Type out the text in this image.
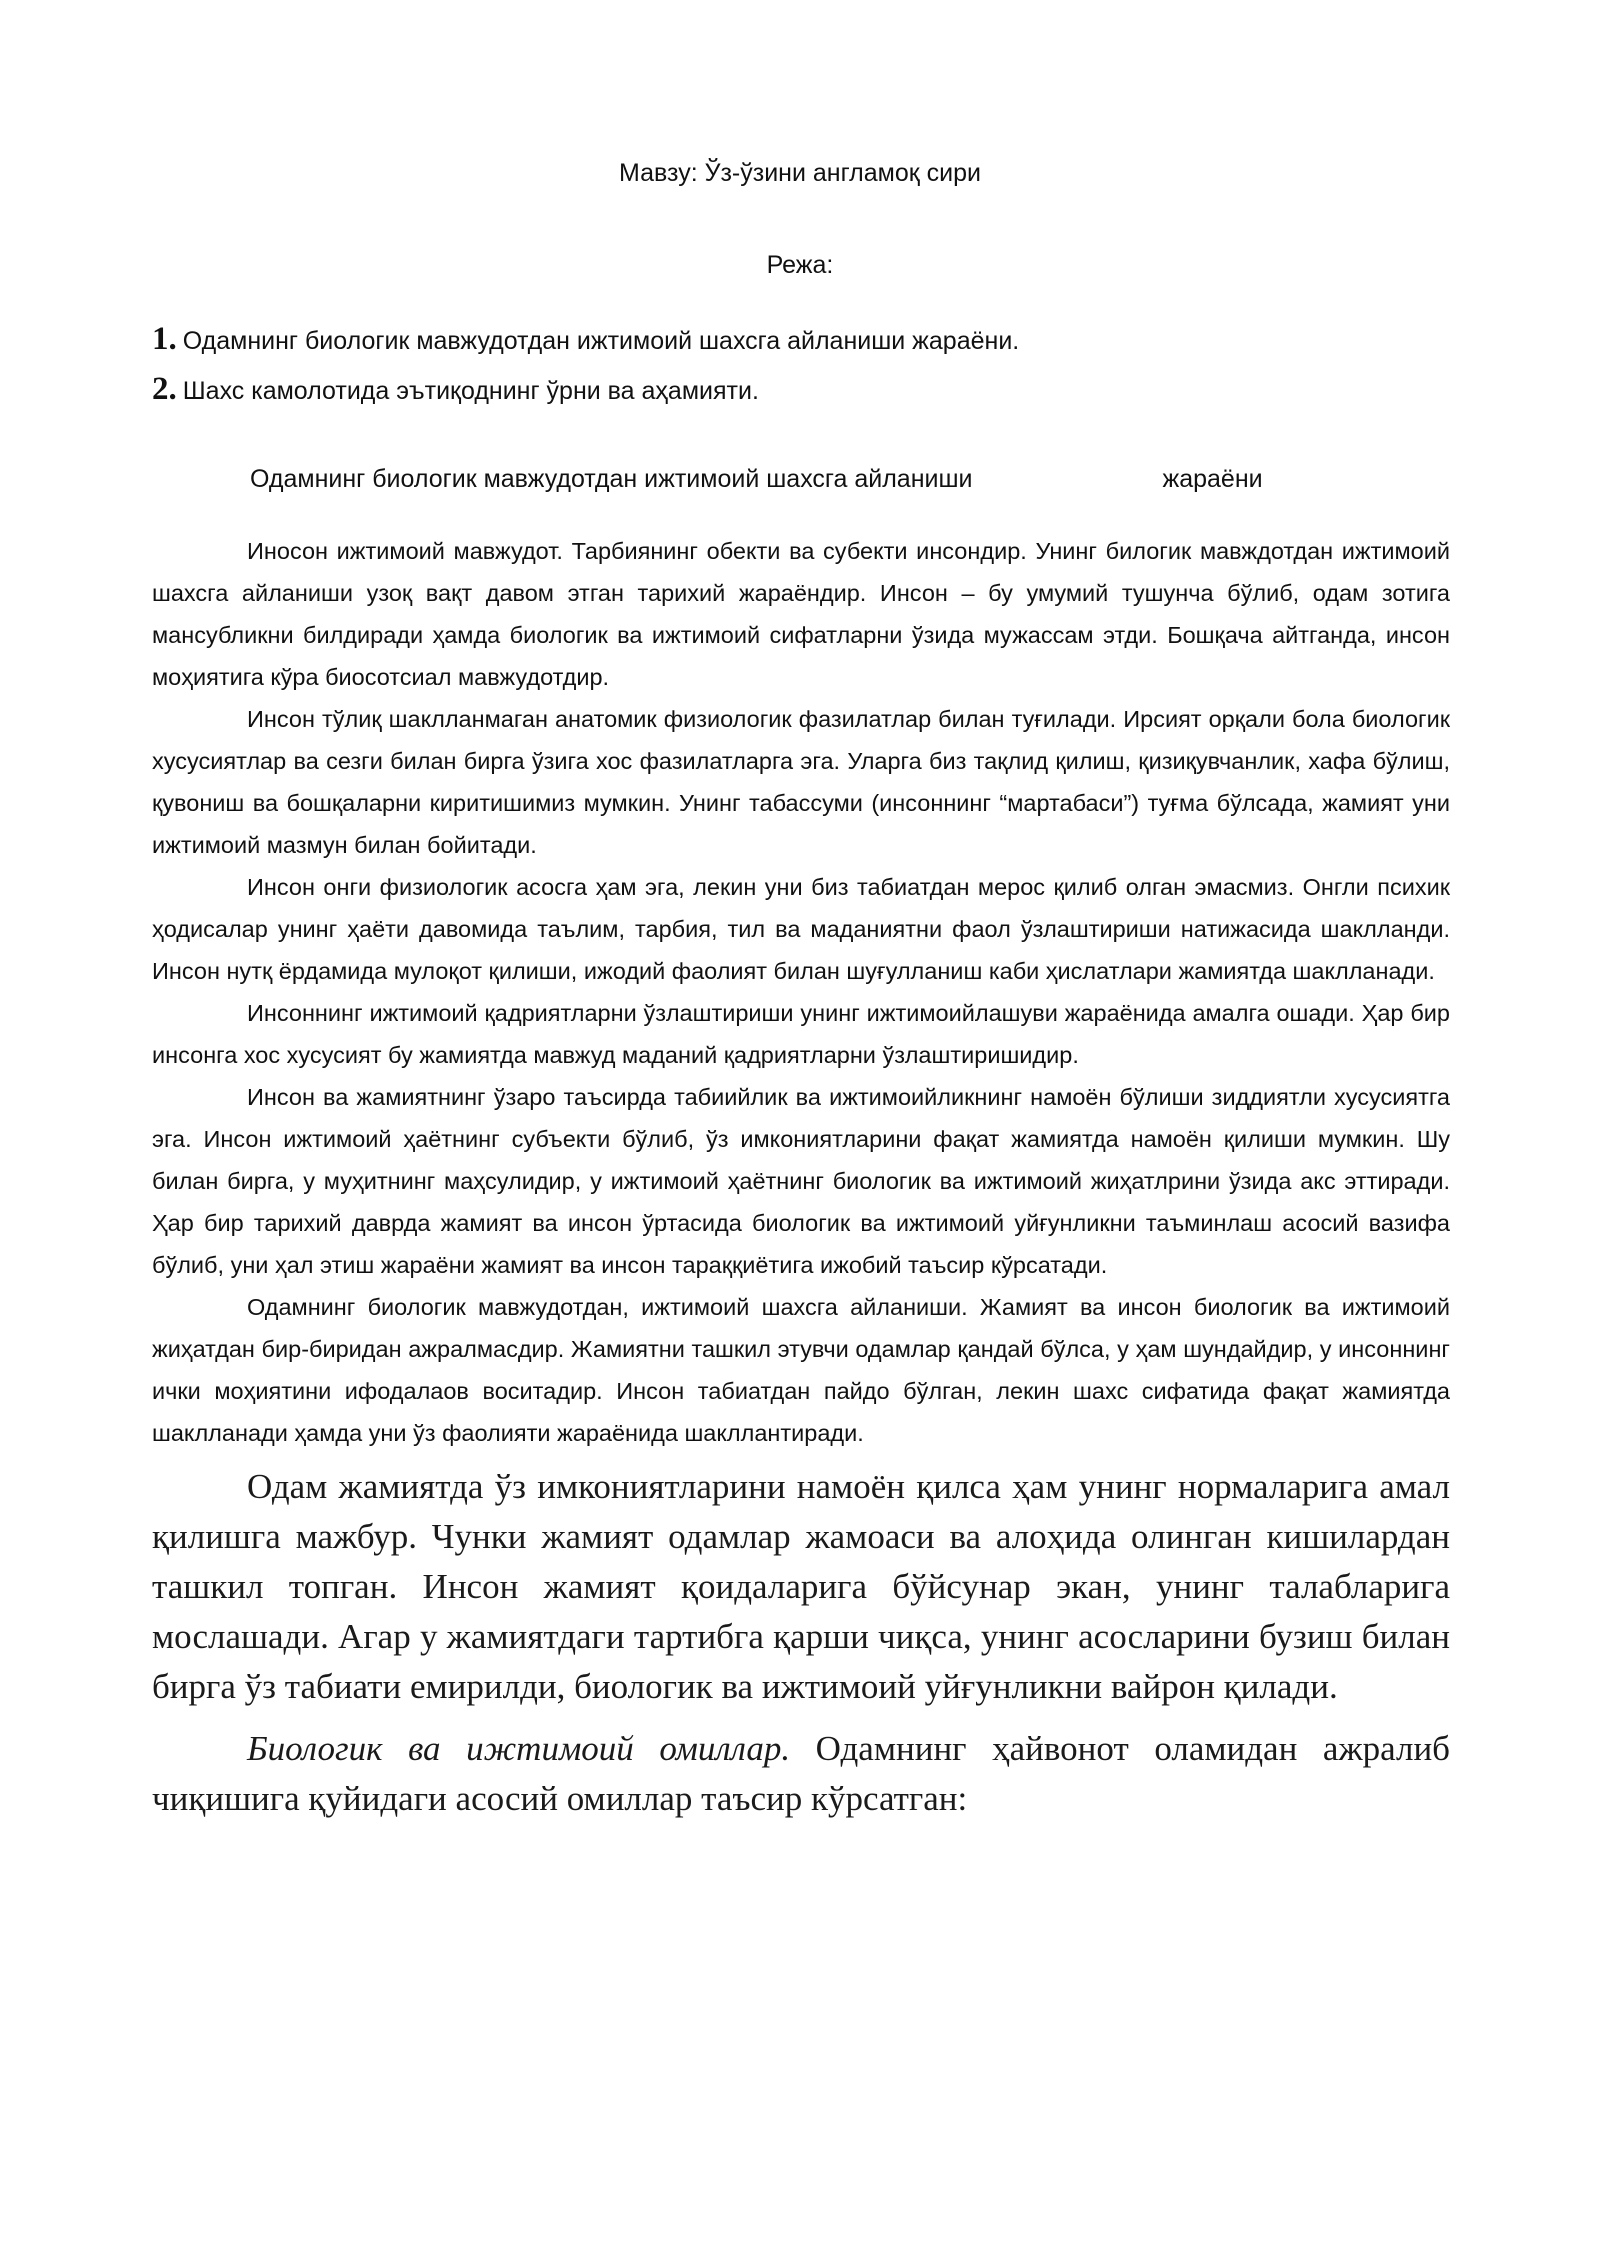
Мавзу: Ўз-ўзини англамоқ сири
Режа:
1. Одамнинг биологик мавжудотдан ижтимоий шахсга айланиши жараёни.
2. Шахс камолотида эътиқоднинг ўрни ва аҳамияти.
Одамнинг биологик мавжудотдан ижтимоий шахсга айланиши	жараёни

Иносон ижтимоий мавжудот. Тарбиянинг обекти ва субекти инсондир. Унинг билогик мавждотдан ижтимоий шахсга айланиши узоқ вақт давом этган тарихий жараёндир. Инсон – бу умумий тушунча бўлиб, одам зотига мансубликни билдиради ҳамда биологик ва ижтимоий сифатларни ўзида мужассам этди. Бошқача айтганда, инсон моҳиятига кўра биосотсиал мавжудотдир.

Инсон тўлиқ шаклланмаган анатомик физиологик фазилатлар билан туғилади. Ирсият орқали бола биологик хусусиятлар ва сезги билан бирга ўзига хос фазилатларга эга. Уларга биз тақлид қилиш, қизиқувчанлик, хафа бўлиш, қувониш ва бошқаларни киритишимиз мумкин. Унинг табассуми (инсоннинг “мартабаси”) туғма бўлсада, жамият уни ижтимоий мазмун билан бойитади.

Инсон онги физиологик асосга ҳам эга, лекин уни биз табиатдан мерос қилиб олган эмасмиз. Онгли психик ҳодисалар унинг ҳаёти давомида таълим, тарбия, тил ва маданиятни фаол ўзлаштириши натижасида шаклланди. Инсон нутқ ёрдамида мулоқот қилиши, ижодий фаолият билан шуғулланиш каби ҳислатлари жамиятда шаклланади.

Инсоннинг ижтимоий қадриятларни ўзлаштириши унинг ижтимоийлашуви жараёнида амалга ошади. Ҳар бир инсонга хос хусусият бу жамиятда мавжуд маданий қадриятларни ўзлаштиришидир.

Инсон ва жамиятнинг ўзаро таъсирда табиийлик ва ижтимоийликнинг намоён бўлиши зиддиятли хусусиятга эга. Инсон ижтимоий ҳаётнинг субъекти бўлиб, ўз имкониятларини фақат жамиятда намоён қилиши мумкин. Шу билан бирга, у муҳитнинг маҳсулидир, у ижтимоий ҳаётнинг биологик ва ижтимоий жиҳатлрини ўзида акс эттиради. Ҳар бир тарихий даврда жамият ва инсон ўртасида биологик ва ижтимоий уйғунликни таъминлаш асосий вазифа бўлиб, уни ҳал этиш жараёни жамият ва инсон тараққиётига ижобий таъсир кўрсатади.

Одамнинг биологик мавжудотдан, ижтимоий шахсга айланиши. Жамият ва инсон биологик ва ижтимоий жиҳатдан бир-биридан ажралмасдир. Жамиятни ташкил этувчи одамлар қандай бўлса, у ҳам шундайдир, у инсоннинг ички моҳиятини ифодалаов воситадир. Инсон табиатдан пайдо бўлган, лекин шахс сифатида фақат жамиятда шаклланади ҳамда уни ўз фаолияти жараёнида шакллантиради.

Одам жамиятда ўз имкониятларини намоён қилса ҳам унинг нормаларига амал қилишга мажбур. Чунки жамият одамлар жамоаси ва алоҳида олинган кишилардан ташкил топган. Инсон жамият қоидаларига бўйсунар экан, унинг талабларига мослашади. Агар у жамиятдаги тартибга қарши чиқса, унинг асосларини бузиш билан бирга ўз табиати емирилди, биологик ва ижтимоий уйғунликни вайрон қилади.

Биологик ва ижтимоий омиллар. Одамнинг ҳайвонот оламидан ажралиб чиқишига қуйидаги асосий омиллар таъсир кўрсатган:
